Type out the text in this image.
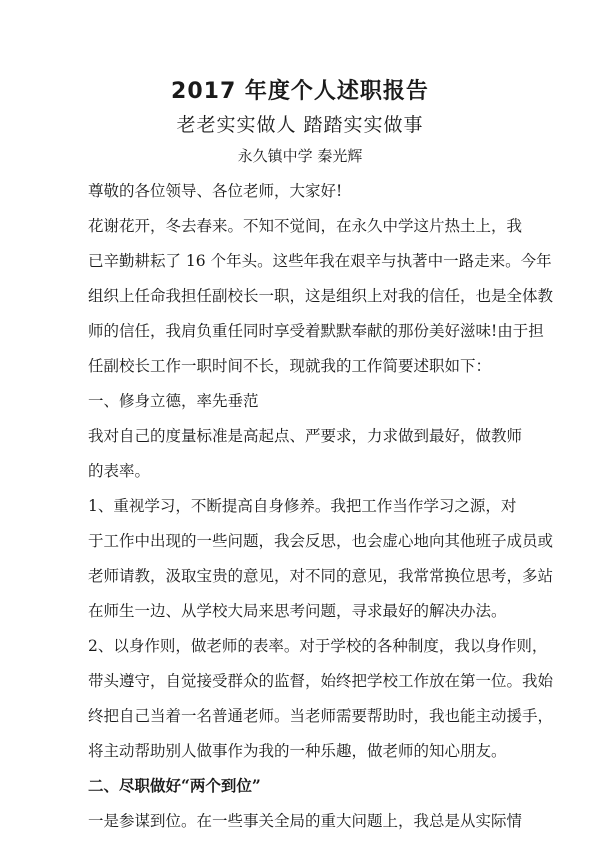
2017 年度个人述职报告
老老实实做人 踏踏实实做事
永久镇中学 秦光辉
尊敬的各位领导、各位老师，大家好!
花谢花开，冬去春来。不知不觉间，在永久中学这片热土上，我
已辛勤耕耘了 16 个年头。这些年我在艰辛与执著中一路走来。今年
组织上任命我担任副校长一职，这是组织上对我的信任，也是全体教
师的信任，我肩负重任同时享受着默默奉献的那份美好滋味!由于担
任副校长工作一职时间不长，现就我的工作简要述职如下：
一、修身立德，率先垂范
我对自己的度量标准是高起点、严要求，力求做到最好，做教师
的表率。
1、重视学习，不断提高自身修养。我把工作当作学习之源，对
于工作中出现的一些问题，我会反思，也会虚心地向其他班子成员或
老师请教，汲取宝贵的意见，对不同的意见，我常常换位思考，多站
在师生一边、从学校大局来思考问题，寻求最好的解决办法。
2、以身作则，做老师的表率。对于学校的各种制度，我以身作则，
带头遵守，自觉接受群众的监督，始终把学校工作放在第一位。我始
终把自己当着一名普通老师。当老师需要帮助时，我也能主动援手，
将主动帮助别人做事作为我的一种乐趣，做老师的知心朋友。
二、尽职做好“两个到位”
一是参谋到位。在一些事关全局的重大问题上，我总是从实际情
